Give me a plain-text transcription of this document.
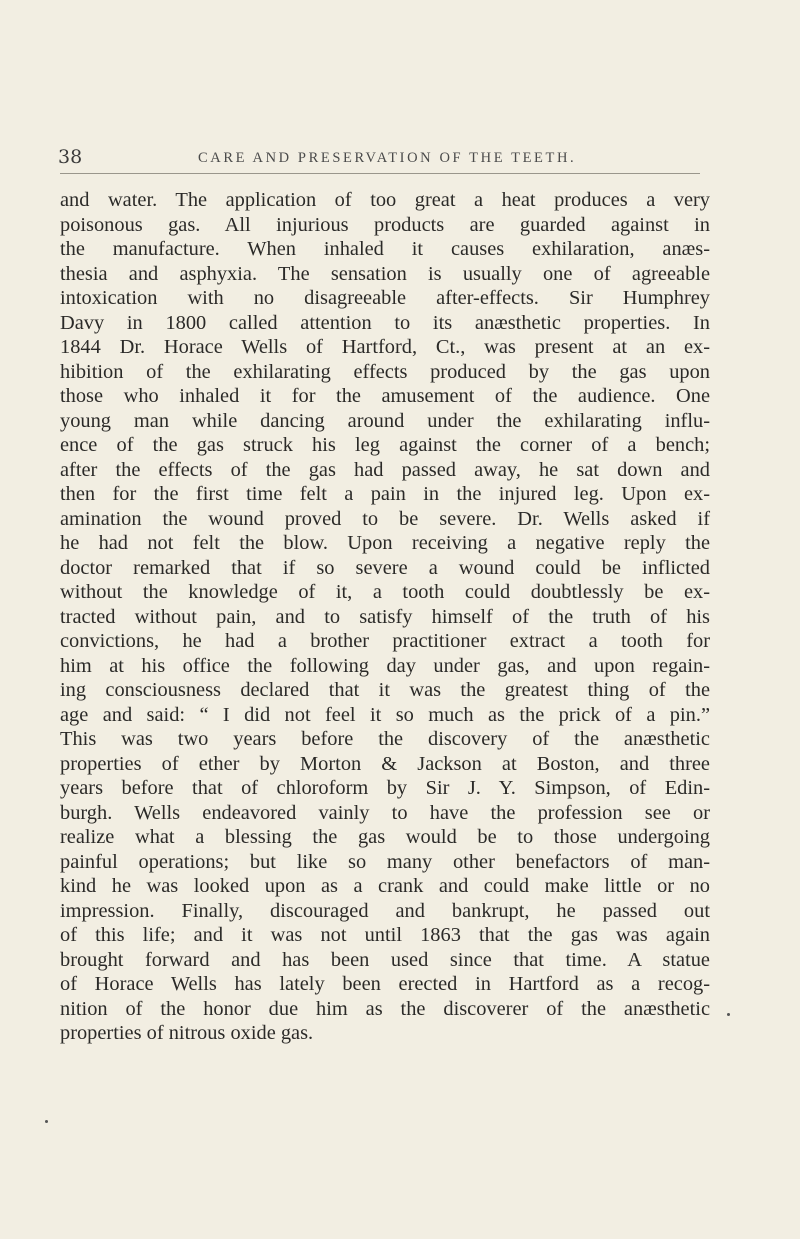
38	CARE AND PRESERVATION OF THE TEETH.
and water. The application of too great a heat produces a very
poisonous gas. All injurious products are guarded against in
the manufacture. When inhaled it causes exhilaration, anæs-
thesia and asphyxia. The sensation is usually one of agreeable
intoxication with no disagreeable after-effects. Sir Humphrey
Davy in 1800 called attention to its anæsthetic properties. In
1844 Dr. Horace Wells of Hartford, Ct., was present at an ex-
hibition of the exhilarating effects produced by the gas upon
those who inhaled it for the amusement of the audience. One
young man while dancing around under the exhilarating influ-
ence of the gas struck his leg against the corner of a bench;
after the effects of the gas had passed away, he sat down and
then for the first time felt a pain in the injured leg. Upon ex-
amination the wound proved to be severe. Dr. Wells asked if
he had not felt the blow. Upon receiving a negative reply the
doctor remarked that if so severe a wound could be inflicted
without the knowledge of it, a tooth could doubtlessly be ex-
tracted without pain, and to satisfy himself of the truth of his
convictions, he had a brother practitioner extract a tooth for
him at his office the following day under gas, and upon regain-
ing consciousness declared that it was the greatest thing of the
age and said: “ I did not feel it so much as the prick of a pin.”
This was two years before the discovery of the anæsthetic
properties of ether by Morton & Jackson at Boston, and three
years before that of chloroform by Sir J. Y. Simpson, of Edin-
burgh. Wells endeavored vainly to have the profession see or
realize what a blessing the gas would be to those undergoing
painful operations; but like so many other benefactors of man-
kind he was looked upon as a crank and could make little or no
impression. Finally, discouraged and bankrupt, he passed out
of this life; and it was not until 1863 that the gas was again
brought forward and has been used since that time. A statue
of Horace Wells has lately been erected in Hartford as a recog-
nition of the honor due him as the discoverer of the anæsthetic
properties of nitrous oxide gas.
